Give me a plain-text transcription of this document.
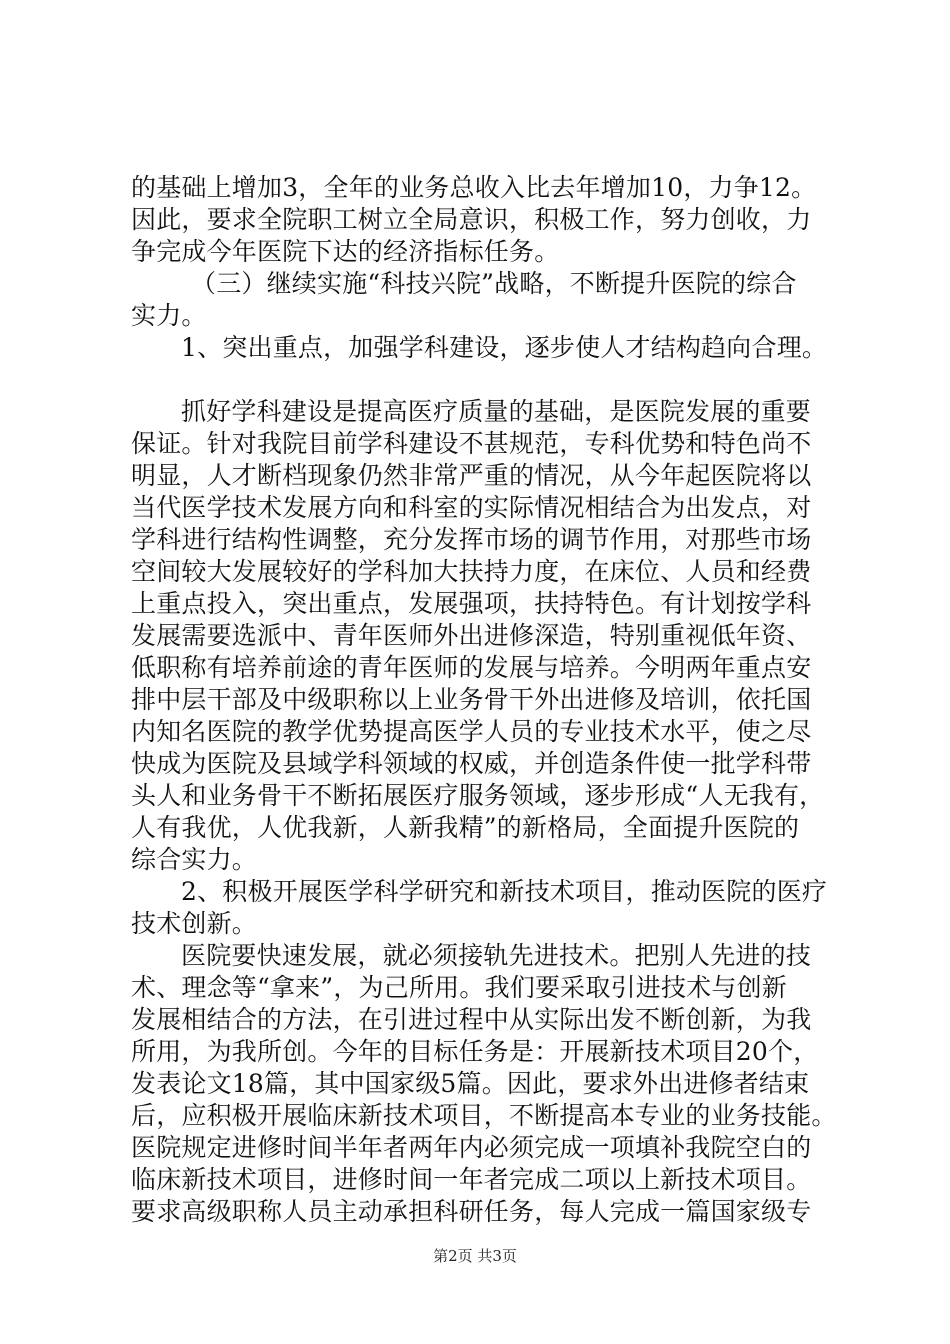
的基础上增加3，全年的业务总收入比去年增加10，力争12。
因此，要求全院职工树立全局意识，积极工作，努力创收，力
争完成今年医院下达的经济指标任务。
（三）继续实施“科技兴院”战略，不断提升医院的综合
实力。
1、突出重点，加强学科建设，逐步使人才结构趋向合理。
抓好学科建设是提高医疗质量的基础，是医院发展的重要
保证。针对我院目前学科建设不甚规范，专科优势和特色尚不
明显，人才断档现象仍然非常严重的情况，从今年起医院将以
当代医学技术发展方向和科室的实际情况相结合为出发点，对
学科进行结构性调整，充分发挥市场的调节作用，对那些市场
空间较大发展较好的学科加大扶持力度，在床位、人员和经费
上重点投入，突出重点，发展强项，扶持特色。有计划按学科
发展需要选派中、青年医师外出进修深造，特别重视低年资、
低职称有培养前途的青年医师的发展与培养。今明两年重点安
排中层干部及中级职称以上业务骨干外出进修及培训，依托国
内知名医院的教学优势提高医学人员的专业技术水平，使之尽
快成为医院及县域学科领域的权威，并创造条件使一批学科带
头人和业务骨干不断拓展医疗服务领域，逐步形成“人无我有，
人有我优，人优我新，人新我精”的新格局，全面提升医院的
综合实力。
2、积极开展医学科学研究和新技术项目，推动医院的医疗
技术创新。
医院要快速发展，就必须接轨先进技术。把别人先进的技
术、理念等“拿来”，为己所用。我们要采取引进技术与创新
发展相结合的方法，在引进过程中从实际出发不断创新，为我
所用，为我所创。今年的目标任务是：开展新技术项目20个，
发表论文18篇，其中国家级5篇。因此，要求外出进修者结束
后，应积极开展临床新技术项目，不断提高本专业的业务技能。
医院规定进修时间半年者两年内必须完成一项填补我院空白的
临床新技术项目，进修时间一年者完成二项以上新技术项目。
要求高级职称人员主动承担科研任务，每人完成一篇国家级专
第2页 共3页
